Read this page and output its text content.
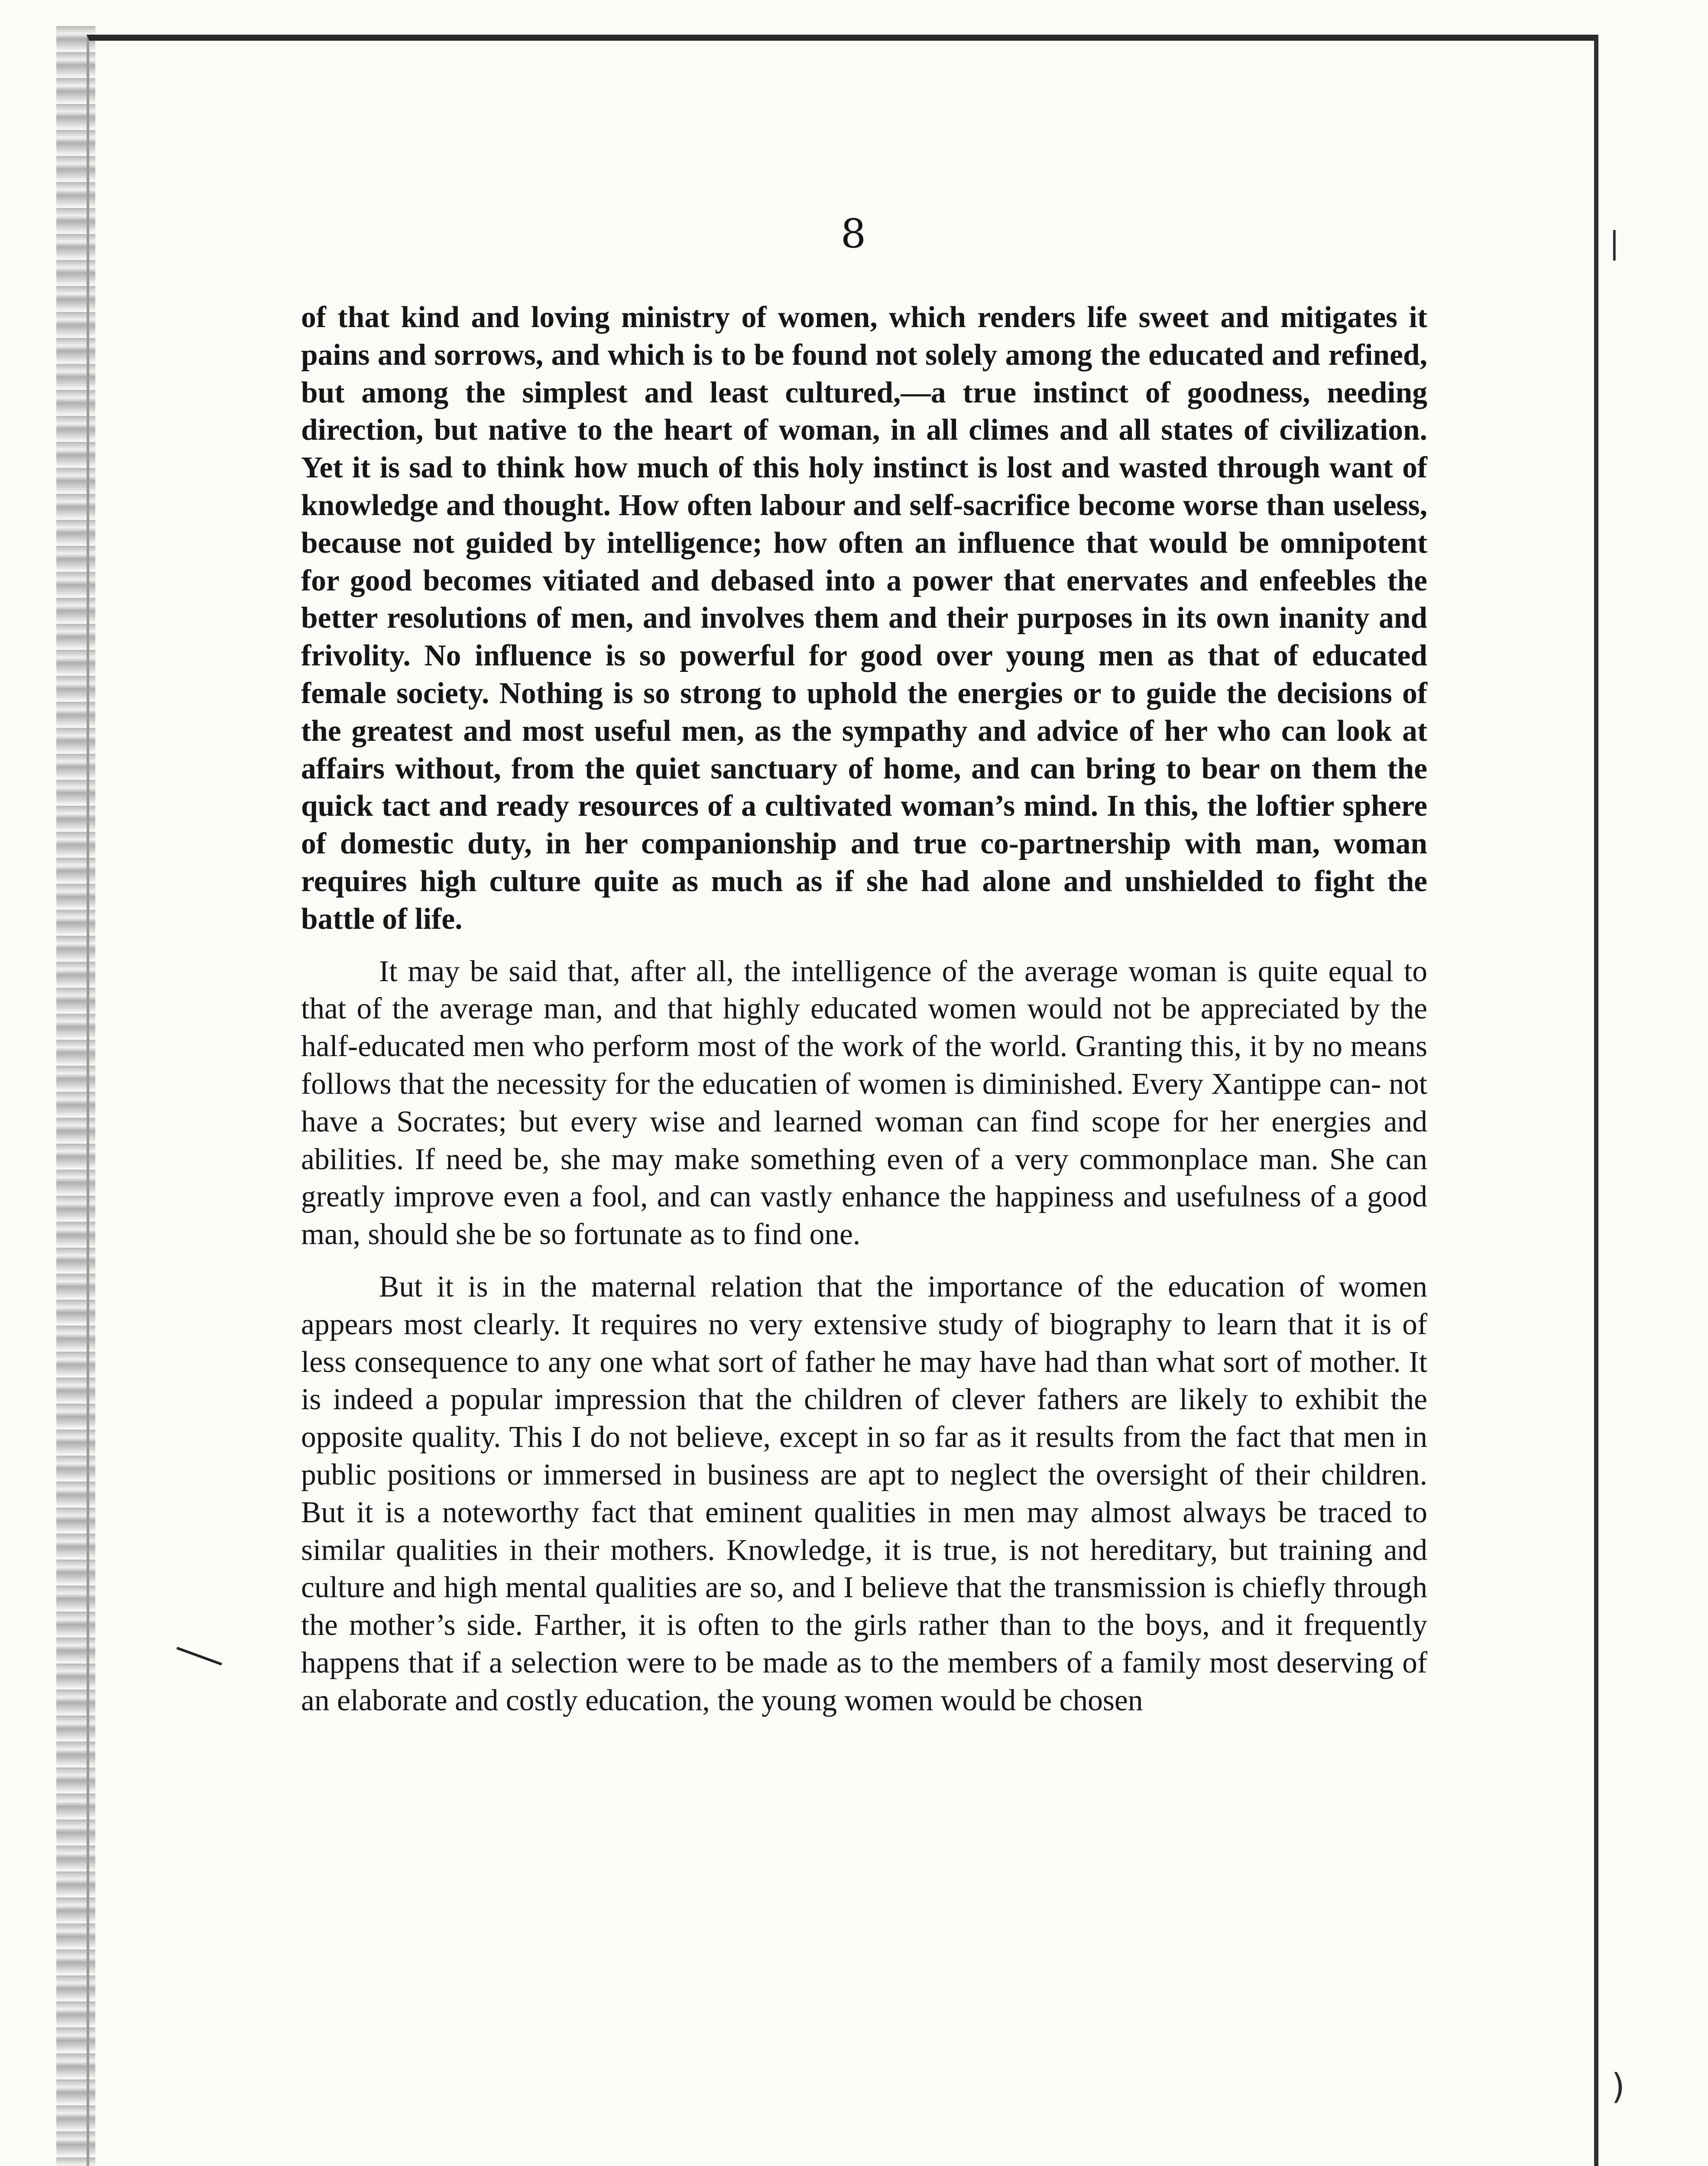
8

of that kind and loving ministry of women, which renders life sweet and mitigates it pains and sorrows, and which is to be found not solely among the educated and refined, but among the simplest and least cultured,—a true instinct of goodness, needing direction, but native to the heart of woman, in all climes and all states of civilization. Yet it is sad to think how much of this holy instinct is lost and wasted through want of knowledge and thought. How often labour and self-sacrifice become worse than useless, because not guided by intelligence; how often an influence that would be omnipotent for good becomes vitiated and debased into a power that enervates and enfeebles the better resolutions of men, and involves them and their purposes in its own inanity and frivolity. No influence is so powerful for good over young men as that of educated female society. Nothing is so strong to uphold the energies or to guide the decisions of the greatest and most useful men, as the sympathy and advice of her who can look at affairs without, from the quiet sanctuary of home, and can bring to bear on them the quick tact and ready resources of a cultivated woman’s mind. In this, the loftier sphere of domestic duty, in her companionship and true co-partnership with man, woman requires high culture quite as much as if she had alone and unshielded to fight the battle of life.

It may be said that, after all, the intelligence of the average woman is quite equal to that of the average man, and that highly educated women would not be appreciated by the half-educated men who perform most of the work of the world. Granting this, it by no means follows that the necessity for the educatien of women is diminished. Every Xantippe can- not have a Socrates; but every wise and learned woman can find scope for her energies and abilities. If need be, she may make something even of a very commonplace man. She can greatly improve even a fool, and can vastly enhance the happiness and usefulness of a good man, should she be so fortunate as to find one.

But it is in the maternal relation that the importance of the education of women appears most clearly. It requires no very extensive study of biography to learn that it is of less consequence to any one what sort of father he may have had than what sort of mother. It is indeed a popular impression that the children of clever fathers are likely to exhibit the opposite quality. This I do not believe, except in so far as it results from the fact that men in public positions or immersed in business are apt to neglect the oversight of their children. But it is a noteworthy fact that eminent qualities in men may almost always be traced to similar qualities in their mothers. Knowledge, it is true, is not hereditary, but training and culture and high mental qualities are so, and I believe that the transmission is chiefly through the mother’s side. Farther, it is often to the girls rather than to the boys, and it frequently happens that if a selection were to be made as to the members of a family most deserving of an elaborate and costly education, the young women would be chosen

|
)
